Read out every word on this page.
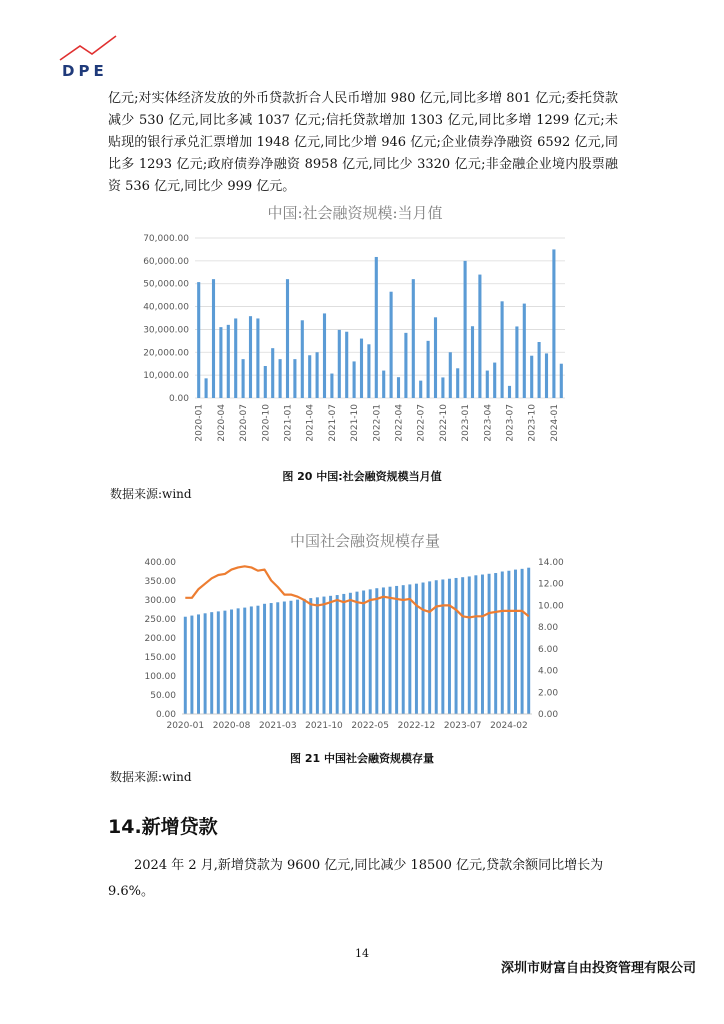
DPE

亿元;对实体经济发放的外币贷款折合人民币增加 980 亿元,同比多增 801 亿元;委托贷款减少 530 亿元,同比多减 1037 亿元;信托贷款增加 1303 亿元,同比多增 1299 亿元;未贴现的银行承兑汇票增加 1948 亿元,同比少增 946 亿元;企业债券净融资 6592 亿元,同比多 1293 亿元;政府债券净融资 8958 亿元,同比少 3320 亿元;非金融企业境内股票融资 536 亿元,同比少 999 亿元。

中国:社会融资规模:当月值
0.00
10,000.00
20,000.00
30,000.00
40,000.00
50,000.00
60,000.00
70,000.00
2020-01 2020-04 2020-07 2020-10 2021-01 2021-04 2021-07 2021-10 2022-01 2022-04 2022-07 2022-10 2023-01 2023-04 2023-07 2023-10 2024-01
图 20 中国:社会融资规模当月值
数据来源:wind
中国社会融资规模存量
0.00
50.00
100.00
150.00
200.00
250.00
300.00
350.00
400.00
0.00
2.00
4.00
6.00
8.00
10.00
12.00
14.00
2020-01 2020-08 2021-03 2021-10 2022-05 2022-12 2023-07 2024-02
图 21 中国社会融资规模存量
数据来源:wind
14.新增贷款
2024 年 2 月,新增贷款为 9600 亿元,同比减少 18500 亿元,贷款余额同比增长为 9.6%。
14
深圳市财富自由投资管理有限公司
